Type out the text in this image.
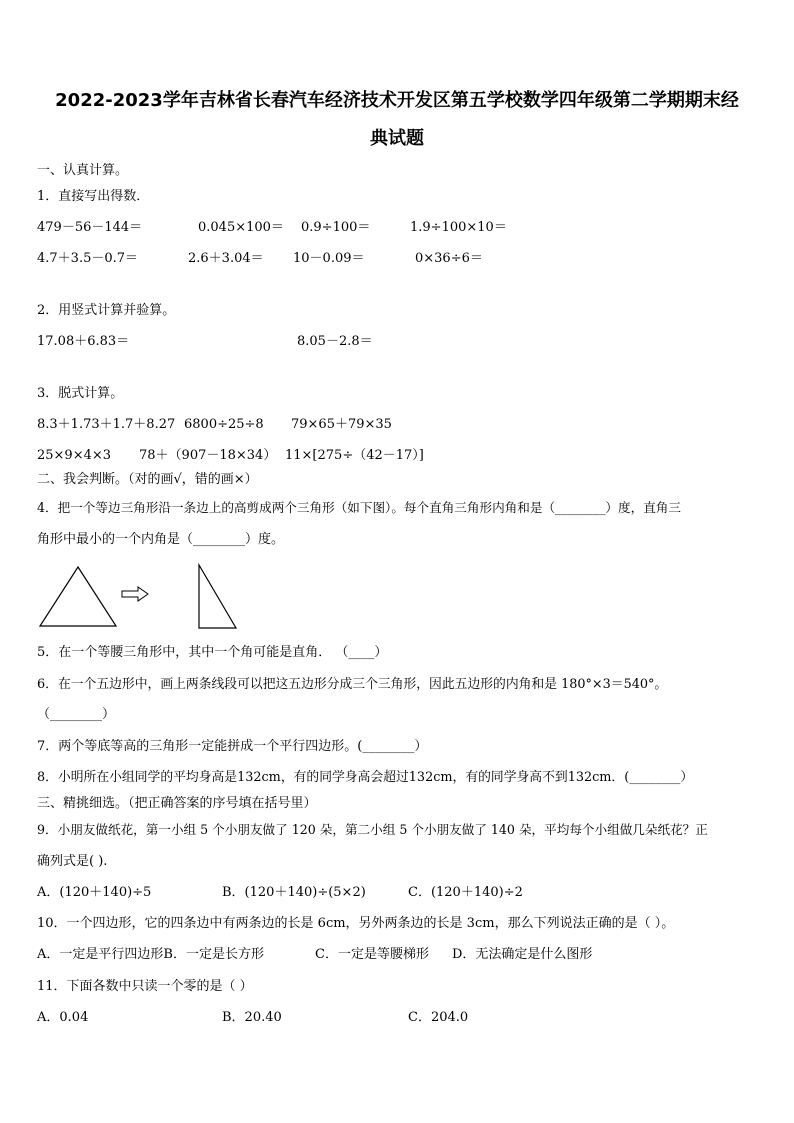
2022-2023学年吉林省长春汽车经济技术开发区第五学校数学四年级第二学期期末经
典试题
一、认真计算。
1．直接写出得数．
479－56－144＝	0.045×100＝ 0.9÷100＝	1.9÷100×10＝
4.7＋3.5－0.7＝	2.6＋3.04＝ 10－0.09＝	0×36÷6＝
2．用竖式计算并验算。
17.08＋6.83＝	8.05－2.8＝
3．脱式计算。
8.3＋1.73＋1.7＋8.27 6800÷25÷8 79×65＋79×35
25×9×4×3 78＋（907－18×34） 11×[275÷（42－17）]
二、我会判断。（对的画√，错的画×）
4．把一个等边三角形沿一条边上的高剪成两个三角形（如下图）。每个直角三角形内角和是（________）度，直角三
角形中最小的一个内角是（________）度。
5．在一个等腰三角形中，其中一个角可能是直角． （____）
6．在一个五边形中，画上两条线段可以把这五边形分成三个三角形，因此五边形的内角和是 180°×3＝540°。
（________）
7．两个等底等高的三角形一定能拼成一个平行四边形。(________）
8．小明所在小组同学的平均身高是132cm，有的同学身高会超过132cm，有的同学身高不到132cm．(________）
三、精挑细选。（把正确答案的序号填在括号里）
9．小朋友做纸花，第一小组 5 个小朋友做了 120 朵，第二小组 5 个小朋友做了 140 朵，平均每个小组做几朵纸花？正
确列式是( ).
A．(120＋140)÷5	B．(120＋140)÷(5×2)	C．(120＋140)÷2
10．一个四边形，它的四条边中有两条边的长是 6cm，另外两条边的长是 3cm，那么下列说法正确的是（ ）。
A．一定是平行四边形B．一定是长方形	C．一定是等腰梯形 D．无法确定是什么图形
11．下面各数中只读一个零的是（ ）
A．0.04	B．20.40	C．204.0
